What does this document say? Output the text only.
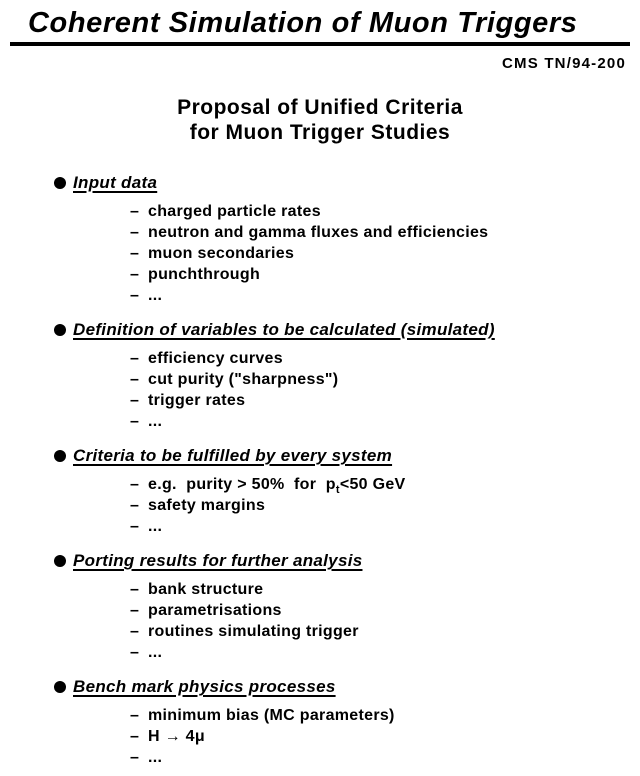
Coherent Simulation of Muon Triggers
CMS TN/94-200
Proposal of Unified Criteria
for Muon Trigger Studies
Input data
– charged particle rates
– neutron and gamma fluxes and efficiencies
– muon secondaries
– punchthrough
– ...
Definition of variables to be calculated (simulated)
– efficiency curves
– cut purity ("sharpness")
– trigger rates
– ...
Criteria to be fulfilled by every system
– e.g.  purity > 50%  for  $p_t<50$ GeV
– safety margins
– ...
Porting results for further analysis
– bank structure
– parametrisations
– routines simulating trigger
– ...
Bench mark physics processes
– minimum bias (MC parameters)
– H → 4μ
– ...
